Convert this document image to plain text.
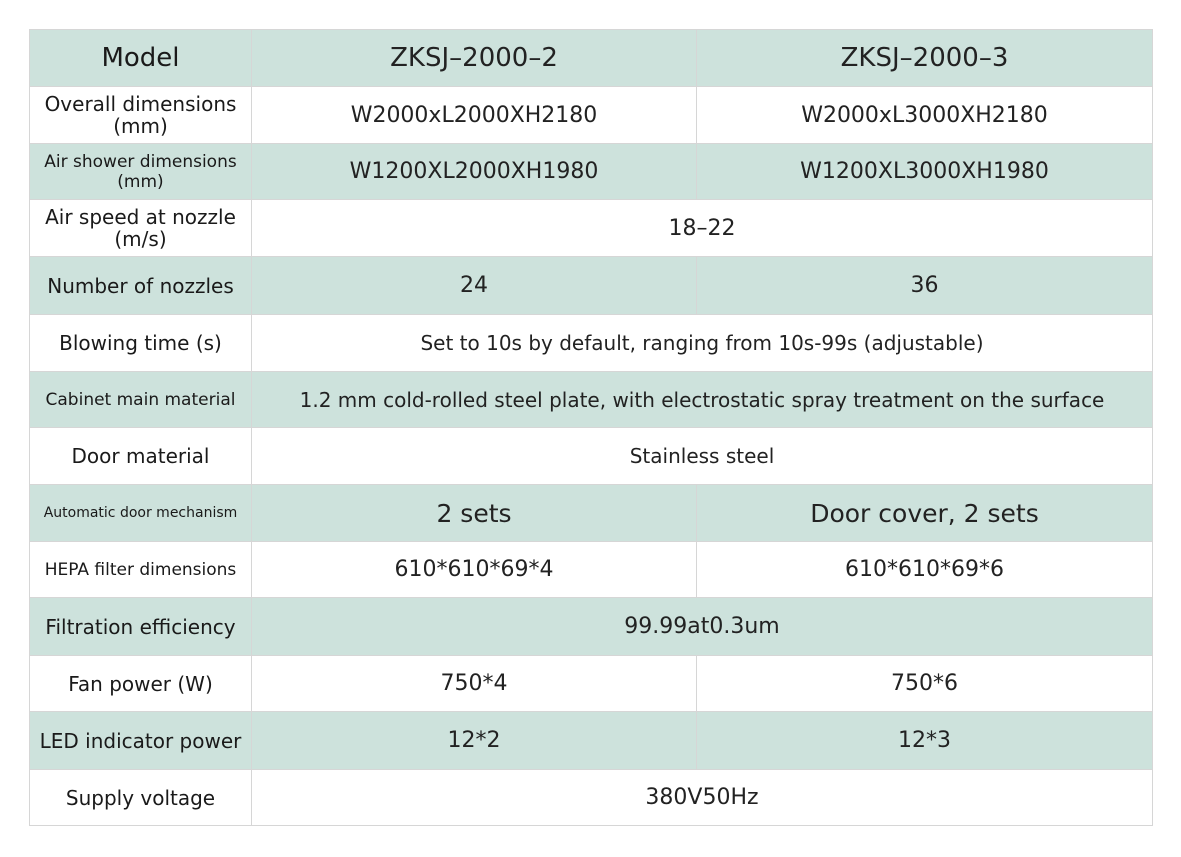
Model	ZKSJ–2000–2	ZKSJ–2000–3
Overall dimensions
(mm)	W2000xL2000XH2180	W2000xL3000XH2180
Air shower dimensions
(mm)	W1200XL2000XH1980	W1200XL3000XH1980
Air speed at nozzle
(m/s)	18–22	
Number of nozzles	24	36
Blowing time (s)	Set to 10s by default, ranging from 10s-99s (adjustable)	
Cabinet main material	1.2 mm cold-rolled steel plate, with electrostatic spray treatment on the surface	
Door material	Stainless steel	
Automatic door mechanism	2 sets	Door cover, 2 sets
HEPA filter dimensions	610*610*69*4	610*610*69*6
Filtration efficiency	99.99at0.3um	
Fan power (W)	750*4	750*6
LED indicator power	12*2	12*3
Supply voltage	380V50Hz	
